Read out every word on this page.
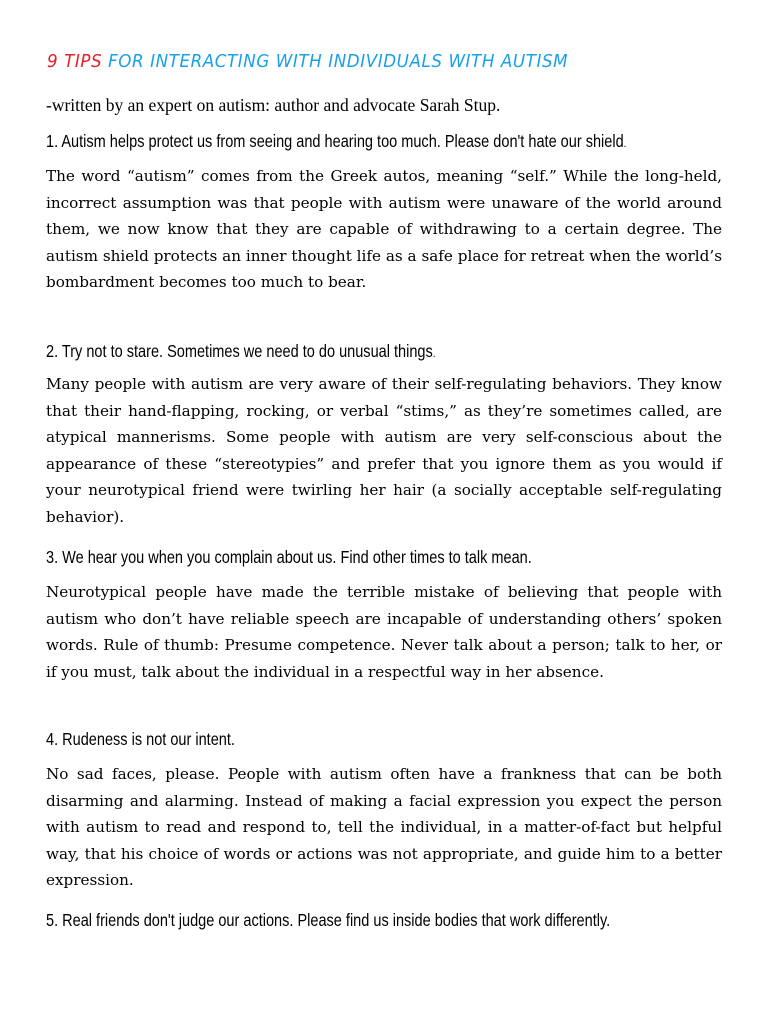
9 TIPS FOR INTERACTING WITH INDIVIDUALS WITH AUTISM
-written by an expert on autism: author and advocate Sarah Stup.
1. Autism helps protect us from seeing and hearing too much. Please don't hate our shield.
The word “autism” comes from the Greek autos, meaning “self.” While the long-held, incorrect assumption was that people with autism were unaware of the world around them, we now know that they are capable of withdrawing to a certain degree. The autism shield protects an inner thought life as a safe place for retreat when the world’s bombardment becomes too much to bear.
2. Try not to stare. Sometimes we need to do unusual things.
Many people with autism are very aware of their self-regulating behaviors. They know that their hand-flapping, rocking, or verbal “stims,” as they’re sometimes called, are atypical mannerisms. Some people with autism are very self-conscious about the appearance of these “stereotypies” and prefer that you ignore them as you would if your neurotypical friend were twirling her hair (a socially acceptable self-regulating behavior).
3. We hear you when you complain about us. Find other times to talk mean.
Neurotypical people have made the terrible mistake of believing that people with autism who don’t have reliable speech are incapable of understanding others’ spoken words. Rule of thumb: Presume competence. Never talk about a person; talk to her, or if you must, talk about the individual in a respectful way in her absence.
4. Rudeness is not our intent.
No sad faces, please. People with autism often have a frankness that can be both disarming and alarming. Instead of making a facial expression you expect the person with autism to read and respond to, tell the individual, in a matter-of-fact but helpful way, that his choice of words or actions was not appropriate, and guide him to a better expression.
5. Real friends don't judge our actions. Please find us inside bodies that work differently.
